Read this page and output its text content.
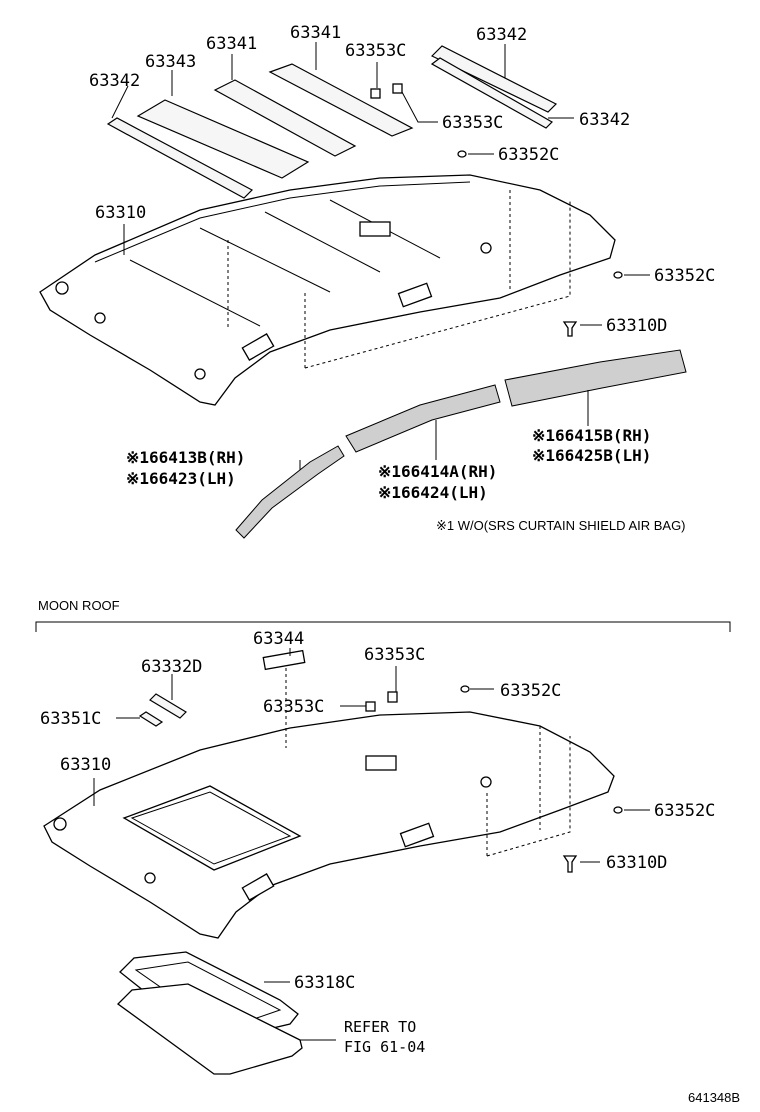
63341
63341	63342
63343
63342
63353C
63353C	63342
63352C
63310
63352C
63310D
※166415B(RH)
※166425B(LH)
※166413B(RH)
※166423(LH)	※166414A(RH)
※166424(LH)
※1 W/O(SRS CURTAIN SHIELD AIR BAG)
MOON ROOF
63344
63332D
63353C
63353C
63352C
63351C
63310
63352C
63310D
63318C
REFER TO
FIG 61-04
641348B
